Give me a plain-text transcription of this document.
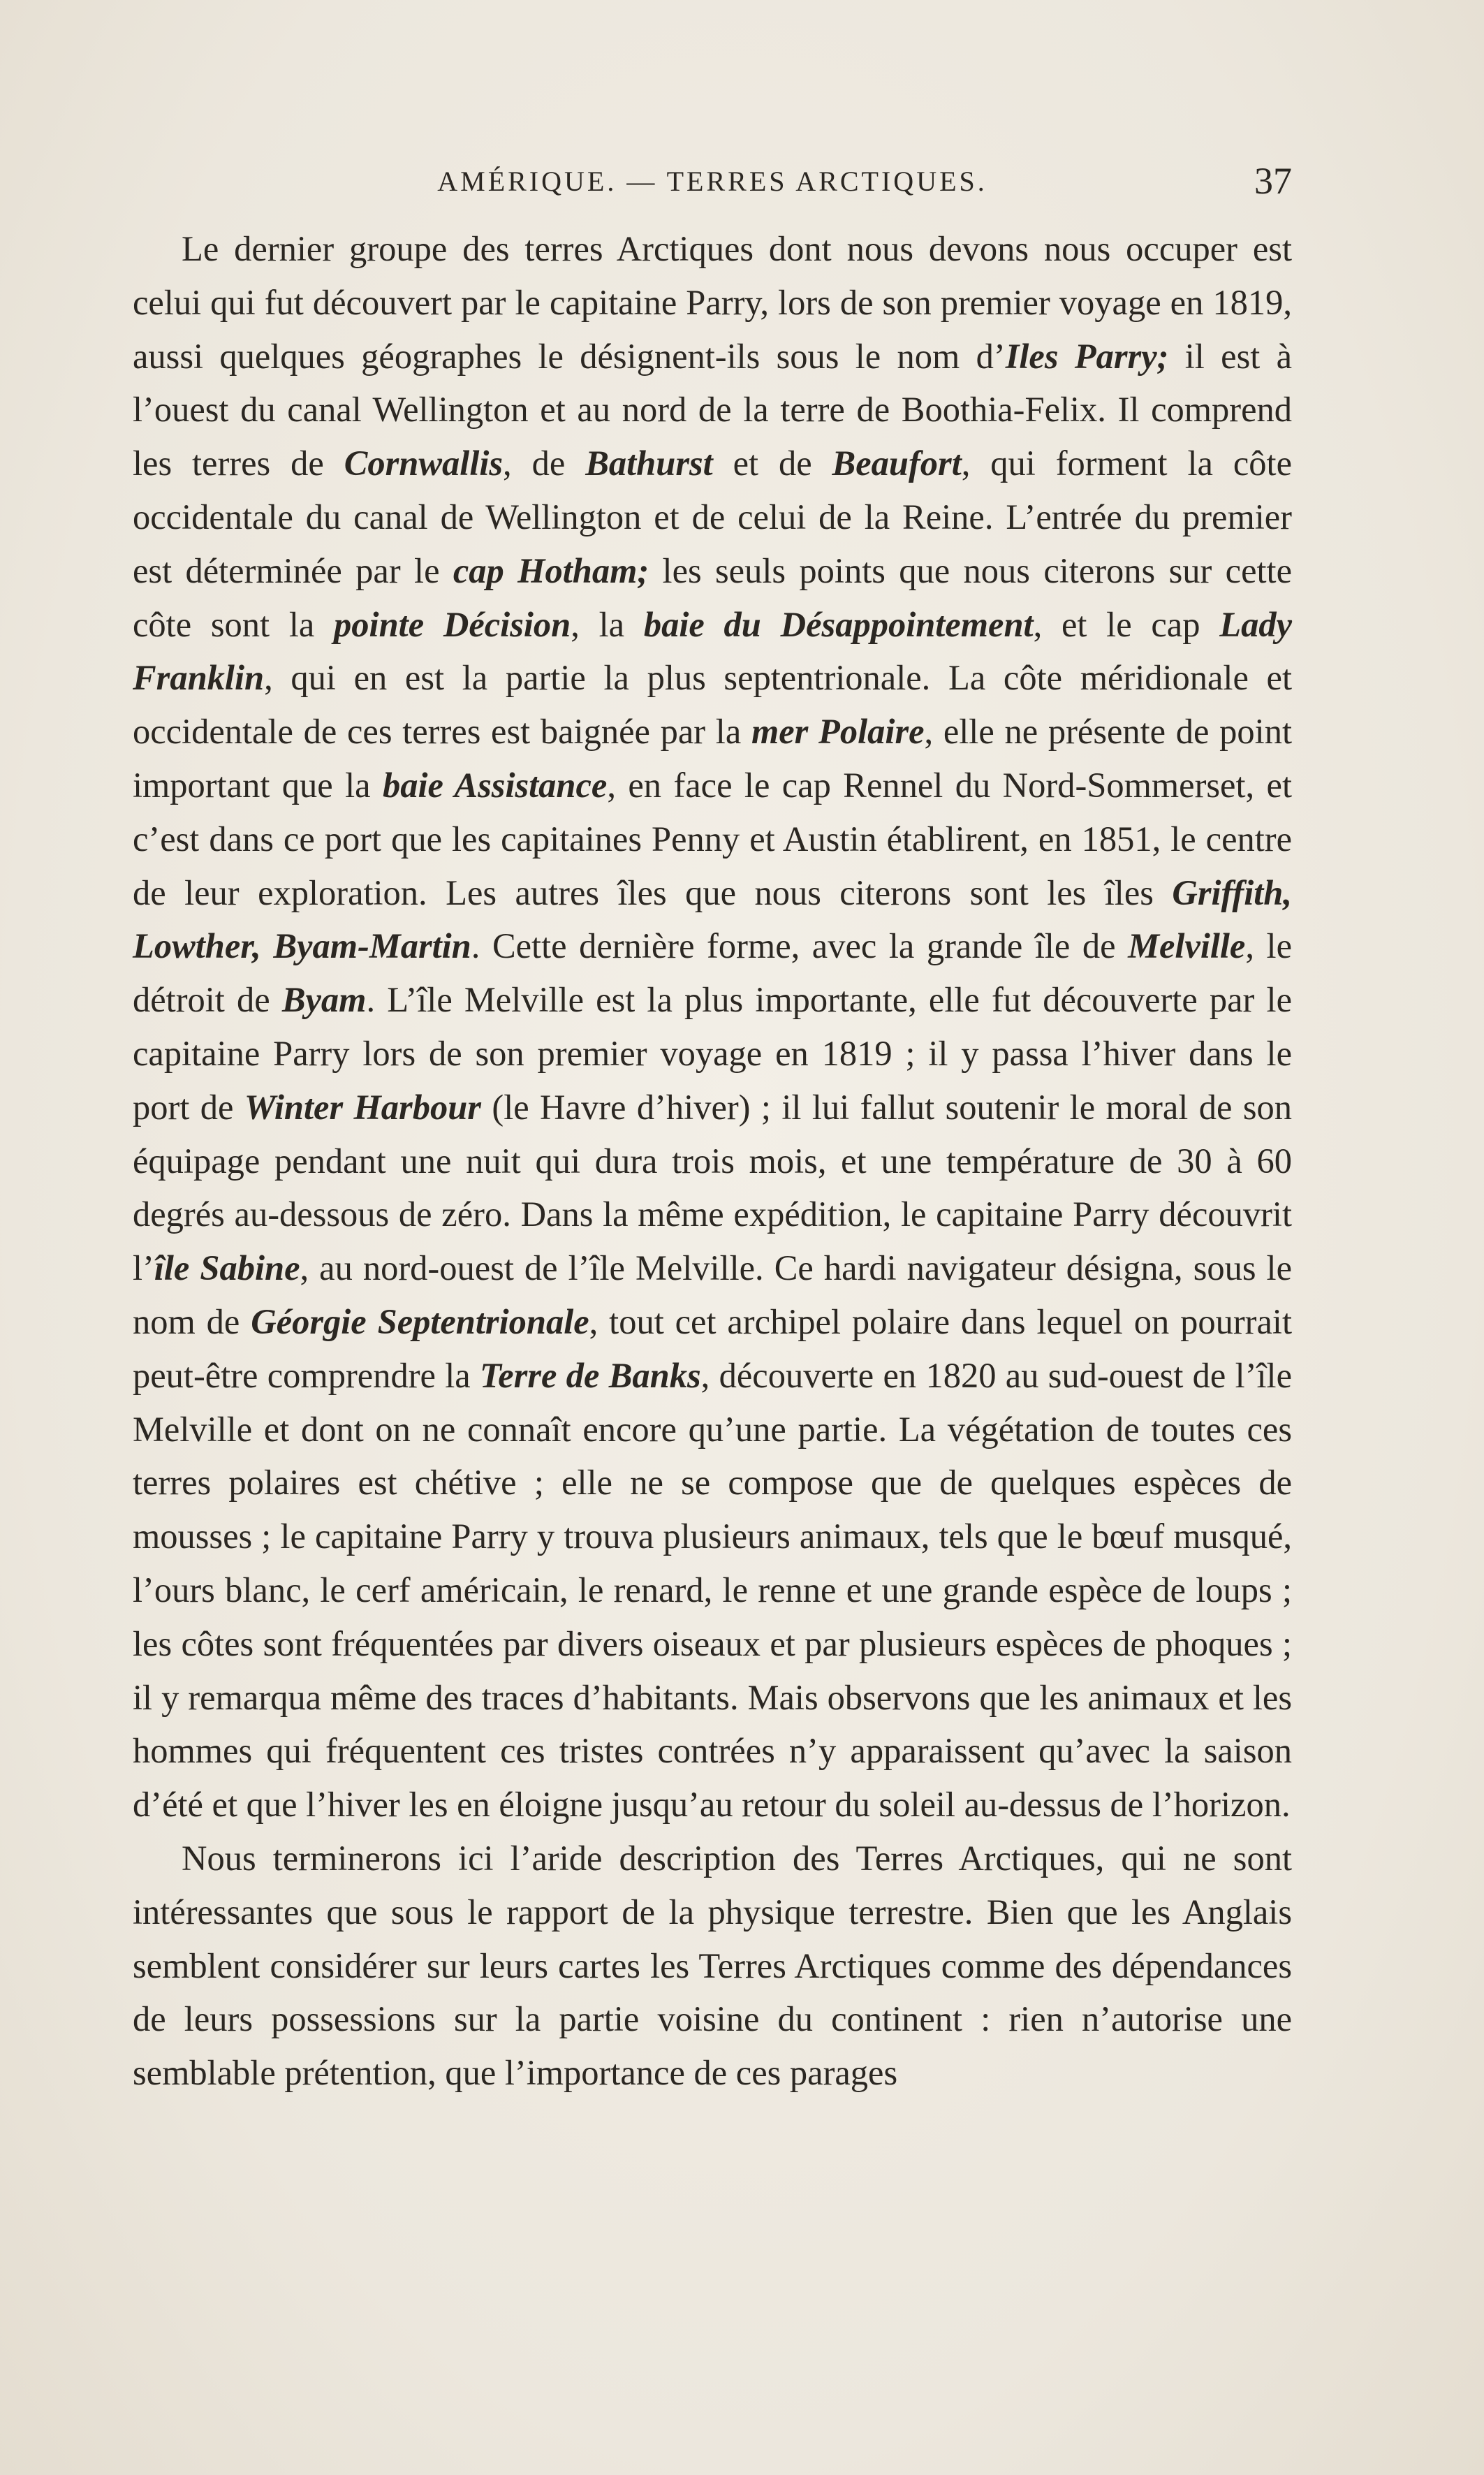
AMÉRIQUE. — TERRES ARCTIQUES.	37

Le dernier groupe des terres Arctiques dont nous devons nous occuper est celui qui fut découvert par le capitaine Parry, lors de son premier voyage en 1819, aussi quelques géographes le désignent-ils sous le nom d’Iles Parry; il est à l’ouest du canal Wellington et au nord de la terre de Boothia-Felix. Il comprend les terres de Cornwallis, de Bathurst et de Beaufort, qui forment la côte occidentale du canal de Wellington et de celui de la Reine. L’entrée du premier est déterminée par le cap Hotham; les seuls points que nous citerons sur cette côte sont la pointe Décision, la baie du Désappointement, et le cap Lady Franklin, qui en est la partie la plus septentrionale. La côte méridionale et occidentale de ces terres est baignée par la mer Polaire, elle ne présente de point important que la baie Assistance, en face le cap Rennel du Nord-Sommerset, et c’est dans ce port que les capitaines Penny et Austin établirent, en 1851, le centre de leur exploration. Les autres îles que nous citerons sont les îles Griffith, Lowther, Byam-Martin. Cette dernière forme, avec la grande île de Melville, le détroit de Byam. L’île Melville est la plus importante, elle fut découverte par le capitaine Parry lors de son premier voyage en 1819 ; il y passa l’hiver dans le port de Winter Harbour (le Havre d’hiver) ; il lui fallut soutenir le moral de son équipage pendant une nuit qui dura trois mois, et une température de 30 à 60 degrés au-dessous de zéro. Dans la même expédition, le capitaine Parry découvrit l’île Sabine, au nord-ouest de l’île Melville. Ce hardi navigateur désigna, sous le nom de Géorgie Septentrionale, tout cet archipel polaire dans lequel on pourrait peut-être comprendre la Terre de Banks, découverte en 1820 au sud-ouest de l’île Melville et dont on ne connaît encore qu’une partie. La végétation de toutes ces terres polaires est chétive ; elle ne se compose que de quelques espèces de mousses ; le capitaine Parry y trouva plusieurs animaux, tels que le bœuf musqué, l’ours blanc, le cerf américain, le renard, le renne et une grande espèce de loups ; les côtes sont fréquentées par divers oiseaux et par plusieurs espèces de phoques ; il y remarqua même des traces d’habitants. Mais observons que les animaux et les hommes qui fréquentent ces tristes contrées n’y apparaissent qu’avec la saison d’été et que l’hiver les en éloigne jusqu’au retour du soleil au-dessus de l’horizon.

Nous terminerons ici l’aride description des Terres Arctiques, qui ne sont intéressantes que sous le rapport de la physique terrestre. Bien que les Anglais semblent considérer sur leurs cartes les Terres Arctiques comme des dépendances de leurs possessions sur la partie voisine du continent : rien n’autorise une semblable prétention, que l’importance de ces parages
